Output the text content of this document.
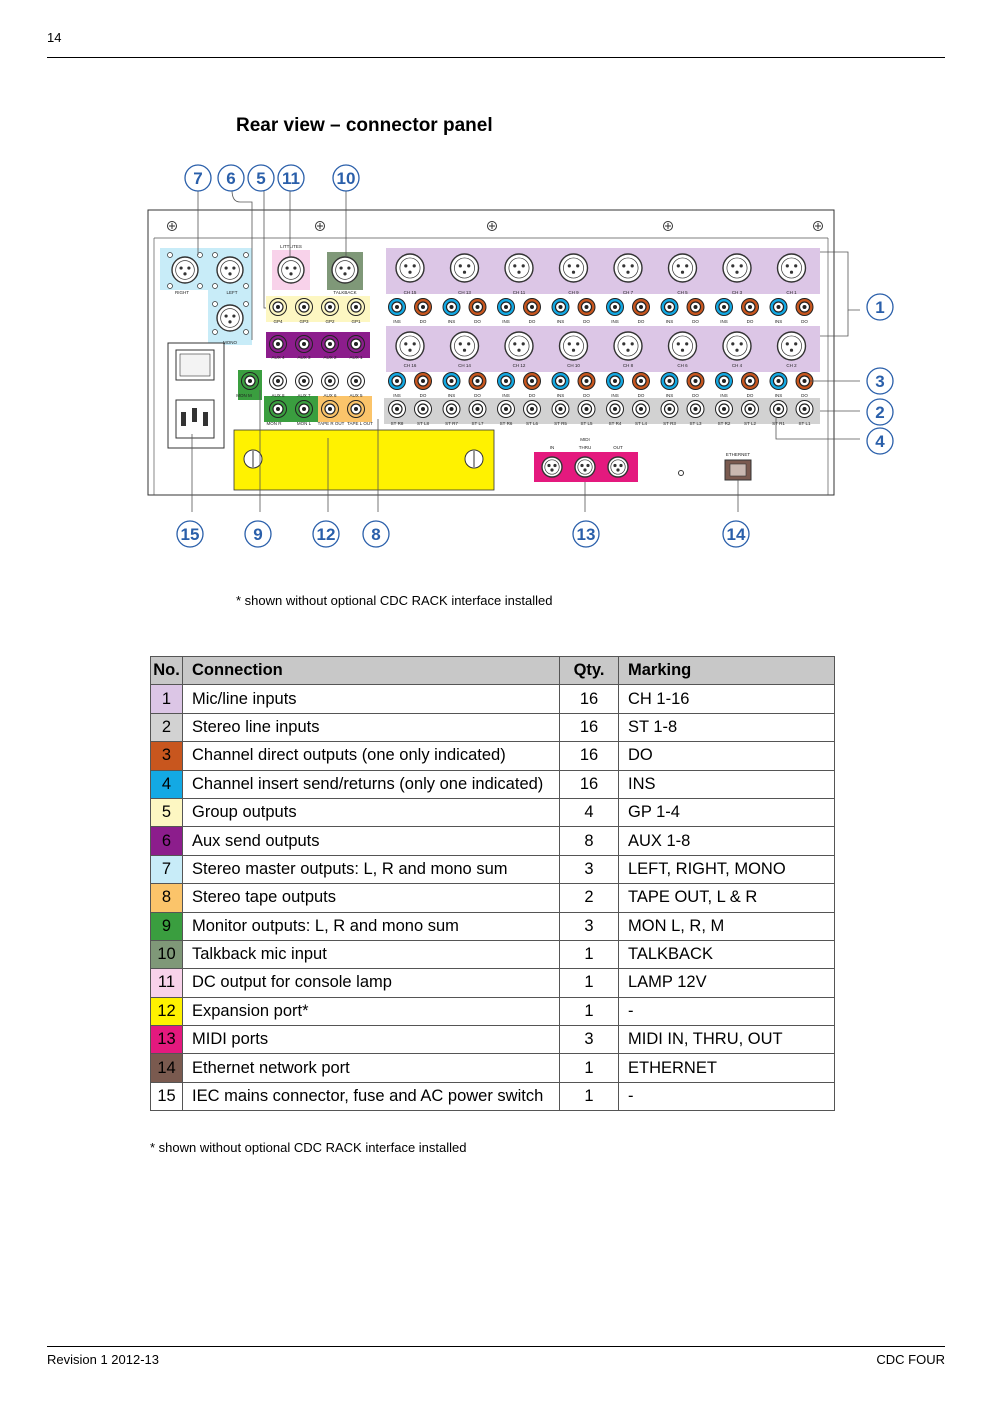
14
Rear view – connector panel
RIGHT	LEFT
MONO
LITTLITES
TALKBACK
GP4	GP3	GP2	GP1
AUX 4	AUX 3	AUX 2	AUX 1
AUX 8	AUX 7	AUX 6	AUX 5
MON M
MON R	MON L TAPE R OUT TAPE L OUT
CH 15	CH 13	CH 11	CH 9	CH 7	CH 5	CH 3	CH 1
CH 16	CH 14	CH 12	CH 10	CH 8	CH 6	CH 4	CH 2
INS	DO
INS	DO
INS	DO
INS	DO
INS	DO
INS	DO
INS	DO
INS	DO
INS	DO
INS	DO
INS	DO
INS	DO
INS	DO
INS	DO
INS	DO
INS	DO
ST R8	ST L8	ST R7	ST L7	ST R6	ST L6	ST R5	ST L5	ST R4	ST L4	ST R3	ST L3	ST R2	ST L2	ST R1	ST L1
IN	THRU	OUT
MIDI
ETHERNET
7 6 5 11 10
1
3
2
4
15	9	12 8	13	14
* shown without optional CDC RACK interface installed
No.	Connection	Qty.	Marking
1	Mic/line inputs	16	CH 1-16
2	Stereo line inputs	16	ST 1-8
3	Channel direct outputs (one only indicated)	16	DO
4	Channel insert send/returns (only one indicated)	16	INS
5	Group outputs	4	GP 1-4
6	Aux send outputs	8	AUX 1-8
7	Stereo master outputs: L, R and mono sum	3	LEFT, RIGHT, MONO
8	Stereo tape outputs	2	TAPE OUT, L & R
9	Monitor outputs: L, R and mono sum	3	MON L, R, M
10	Talkback mic input	1	TALKBACK
11	DC output for console lamp	1	LAMP 12V
12	Expansion port*	1	-
13	MIDI ports	3	MIDI IN, THRU, OUT
14	Ethernet network port	1	ETHERNET
15	IEC mains connector, fuse and AC power switch	1	-
* shown without optional CDC RACK interface installed
Revision 1 2012-13	CDC FOUR
